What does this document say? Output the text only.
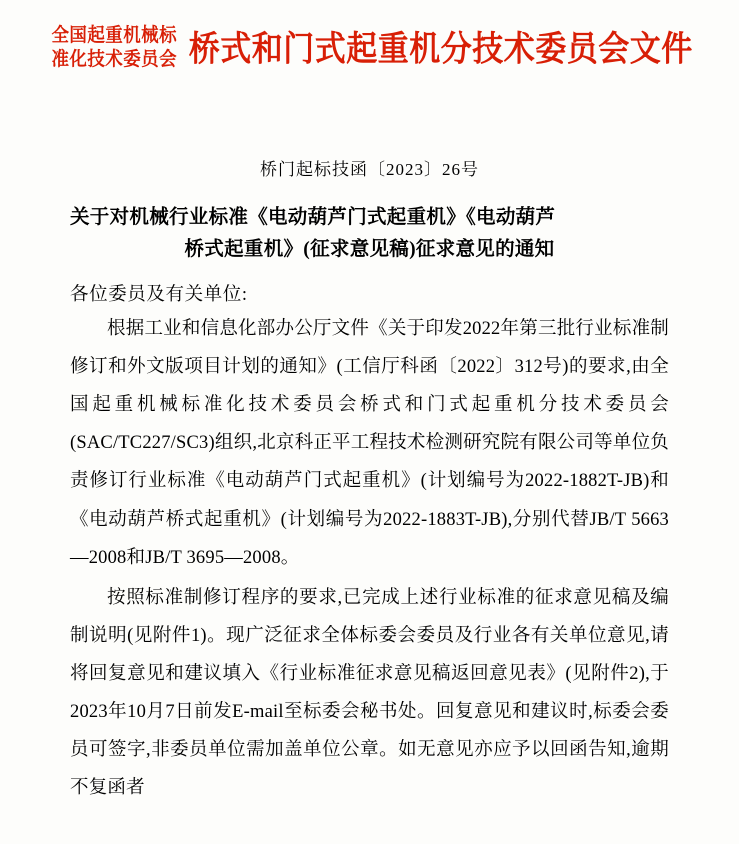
全国起重机械标
准化技术委员会 桥式和门式起重机分技术委员会文件
桥门起标技函〔2023〕26号
关于对机械行业标准《电动葫芦门式起重机》《电动葫芦
桥式起重机》(征求意见稿)征求意见的通知
各位委员及有关单位:

根据工业和信息化部办公厅文件《关于印发2022年第三批行业标准制修订和外文版项目计划的通知》(工信厅科函〔2022〕312号)的要求,由全国起重机械标准化技术委员会桥式和门式起重机分技术委员会(SAC/TC227/SC3)组织,北京科正平工程技术检测研究院有限公司等单位负责修订行业标准《电动葫芦门式起重机》(计划编号为2022-1882T-JB)和《电动葫芦桥式起重机》(计划编号为2022-1883T-JB),分别代替JB/T 5663—2008和JB/T 3695—2008。

按照标准制修订程序的要求,已完成上述行业标准的征求意见稿及编制说明(见附件1)。现广泛征求全体标委会委员及行业各有关单位意见,请将回复意见和建议填入《行业标准征求意见稿返回意见表》(见附件2),于2023年10月7日前发E-mail至标委会秘书处。回复意见和建议时,标委会委员可签字,非委员单位需加盖单位公章。如无意见亦应予以回函告知,逾期不复函者
